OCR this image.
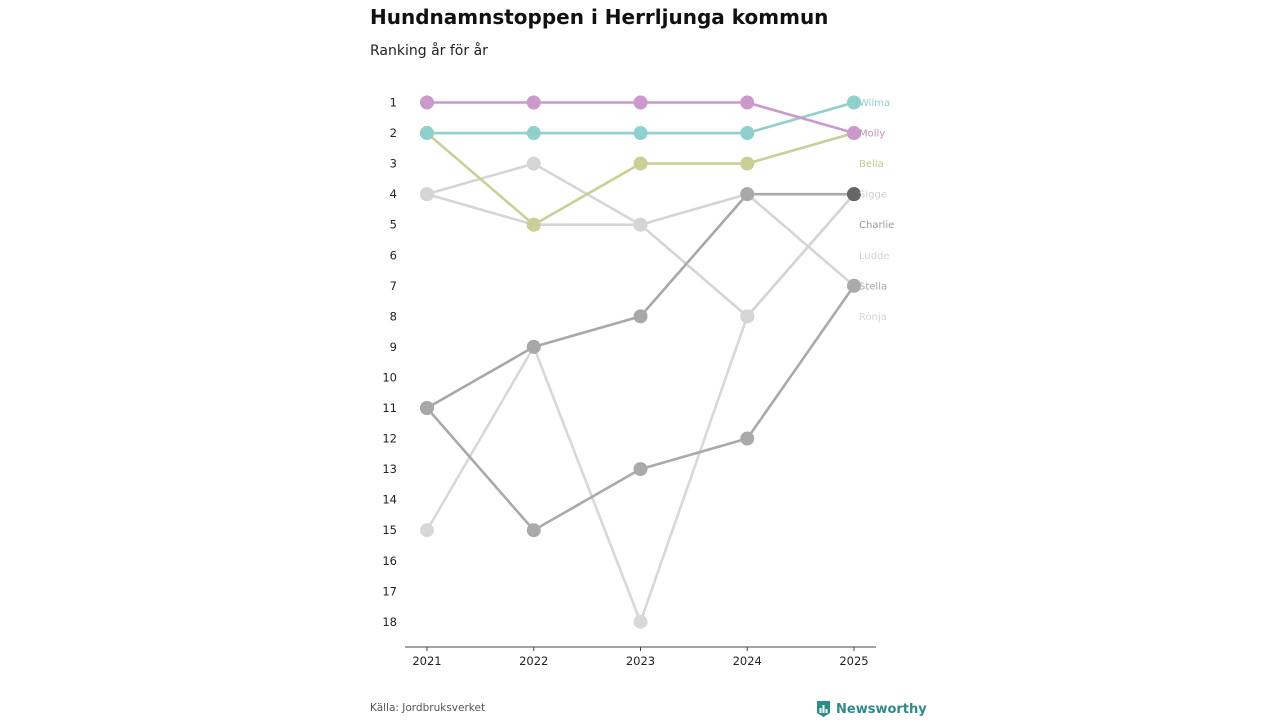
Hundnamnstoppen i Herrljunga kommun

Ranking år för år

1
2
3
4
5
6
7
8
9
10
11
12
13
14
15
16
17
18
2021	2022	2023	2024	2025
Wilma
Molly
Bella
Sigge
Charlie
Ludde
Stella
Ronja
Källa: Jordbruksverket	Newsworthy
